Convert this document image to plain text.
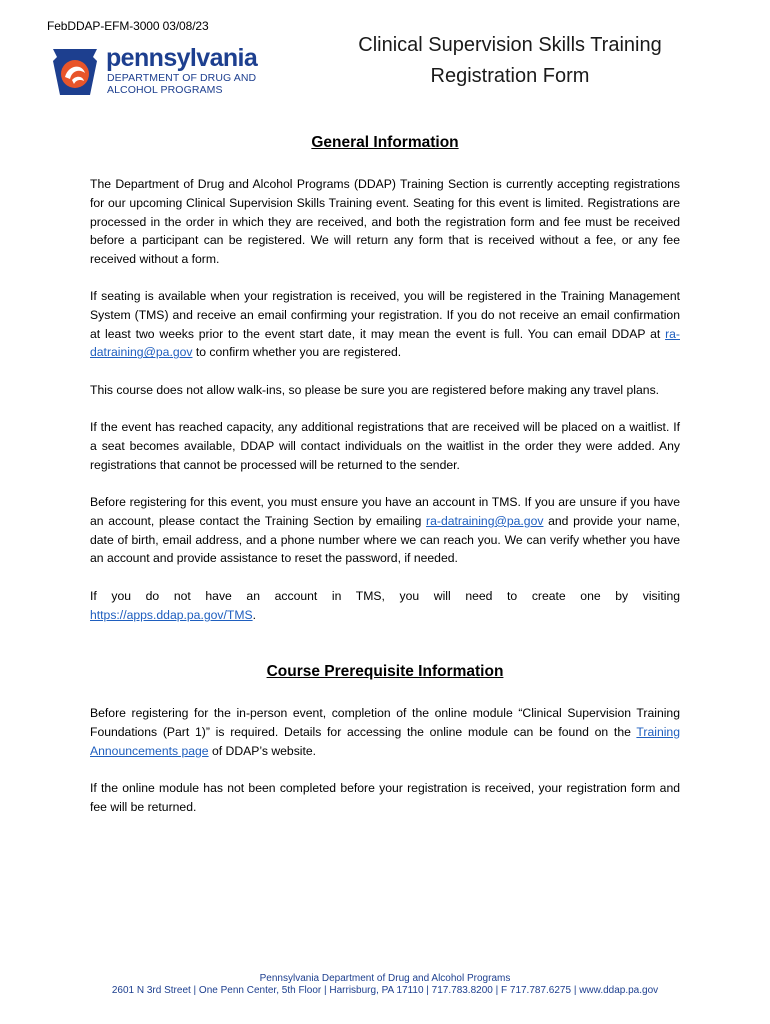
FebDDAP-EFM-3000 03/08/23
pennsylvania
DEPARTMENT OF DRUG AND
ALCOHOL PROGRAMS
Clinical Supervision Skills Training
Registration Form
General Information

The Department of Drug and Alcohol Programs (DDAP) Training Section is currently accepting registrations for our upcoming Clinical Supervision Skills Training event. Seating for this event is limited. Registrations are processed in the order in which they are received, and both the registration form and fee must be received before a participant can be registered. We will return any form that is received without a fee, or any fee received without a form.

If seating is available when your registration is received, you will be registered in the Training Management System (TMS) and receive an email confirming your registration. If you do not receive an email confirmation at least two weeks prior to the event start date, it may mean the event is full. You can email DDAP at ra-datraining@pa.gov to confirm whether you are registered.

This course does not allow walk-ins, so please be sure you are registered before making any travel plans.

If the event has reached capacity, any additional registrations that are received will be placed on a waitlist. If a seat becomes available, DDAP will contact individuals on the waitlist in the order they were added. Any registrations that cannot be processed will be returned to the sender.

Before registering for this event, you must ensure you have an account in TMS. If you are unsure if you have an account, please contact the Training Section by emailing ra-datraining@pa.gov and provide your name, date of birth, email address, and a phone number where we can reach you. We can verify whether you have an account and provide assistance to reset the password, if needed.

If you do not have an account in TMS, you will need to create one by visiting https://apps.ddap.pa.gov/TMS.

Course Prerequisite Information

Before registering for the in-person event, completion of the online module “Clinical Supervision Training Foundations (Part 1)” is required. Details for accessing the online module can be found on the Training Announcements page of DDAP’s website.

If the online module has not been completed before your registration is received, your registration form and fee will be returned.

Pennsylvania Department of Drug and Alcohol Programs
2601 N 3rd Street | One Penn Center, 5th Floor | Harrisburg, PA 17110 | 717.783.8200 | F 717.787.6275 | www.ddap.pa.gov
